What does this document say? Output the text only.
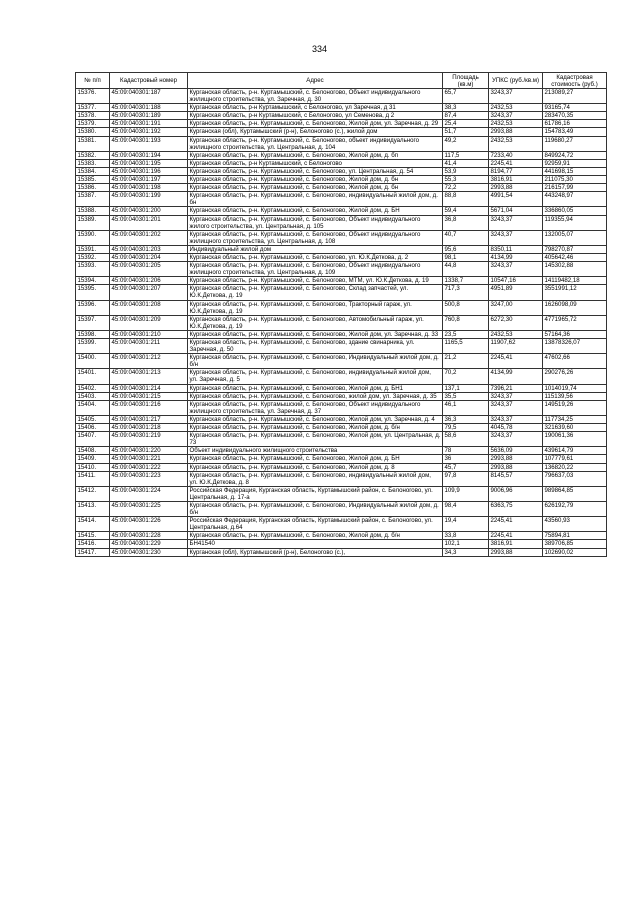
334
№ п/п	Кадастровый номер	Адрес	Площадь (кв.м)	УПКС (руб./кв.м)	Кадастровая стоимость (руб.)
15376.	45:09:040301:187	Курганская область, р-н. Куртамышский, с. Белоногово, Объект индивидуального жилищного строительства, ул. Заречная, д. 30	65,7	3243,37	213089,27
15377.	45:09:040301:188	Курганская область, р-н Куртамышский, с Белоногово, ул Заречная, д 31	38,3	2432,53	93165,74
15378.	45:09:040301:189	Курганская область, р-н Куртамышский, с Белоногово, ул Семенова, д 2	87,4	3243,37	283470,35
15379.	45:09:040301:191	Курганская область, р-н. Куртамышский, с. Белоногово, Жилой дом, ул. Заречная, д. 29	25,4	2432,53	61786,16
15380.	45:09:040301:192	Курганская (обл), Куртамышский (р-н), Белоногово (с.), жилой дом	51,7	2993,88	154783,49
15381.	45:09:040301:193	Курганская область, р-н. Куртамышский, с. Белоногово, объект индивидуального жилищного строительства, ул. Центральная, д. 104	49,2	2432,53	119680,27
15382.	45:09:040301:194	Курганская область, р-н. Куртамышский, с. Белоногово, Жилой дом, д. бп	117,5	7233,40	849924,72
15383.	45:09:040301:195	Курганская область, р-н Куртамышский, с Белоногово	41,4	2245,41	92959,91
15384.	45:09:040301:196	Курганская область, р-н. Куртамышский, с. Белоногово, ул. Центральная, д. 54	53,9	8194,77	441698,15
15385.	45:09:040301:197	Курганская область, р-н. Куртамышский, с. Белоногово, Жилой дом, д. бн	55,3	3816,91	211075,30
15386.	45:09:040301:198	Курганская область, р-н. Куртамышский, с. Белоногово, Жилой дом, д. бн	72,2	2993,88	216157,99
15387.	45:09:040301:199	Курганская область, р-н. Куртамышский, с. Белоногово, индивидуальный жилой дом, д. бн	88,8	4991,54	443248,97
15388.	45:09:040301:200	Курганская область, р-н. Куртамышский, с. Белоногово, Жилой дом, д. БН	59,4	5671,04	336860,05
15389.	45:09:040301:201	Курганская область, р-н. Куртамышский, с. Белоногово, Объект индивидуального жилого строительства, ул. Центральная, д. 105	36,8	3243,37	119355,94
15390.	45:09:040301:202	Курганская область, р-н. Куртамышский, с. Белоногово, Объект индивидуального жилищного строительства, ул. Центральная, д. 108	40,7	3243,37	132005,07
15391.	45:09:040301:203	Индивидуальный жилой дом	95,6	8350,11	798270,87
15392.	45:09:040301:204	Курганская область, р-н. Куртамышский, с. Белоногово, ул. Ю.К.Деткова, д. 2	98,1	4134,99	405642,46
15393.	45:09:040301:205	Курганская область, р-н. Куртамышский, с. Белоногово, Объект индивидуального жилищного строительства, ул. Центральная, д. 109	44,8	3243,37	145302,88
15394.	45:09:040301:206	Курганская область, р-н. Куртамышский, с. Белоногово, МТМ, ул. Ю.К.Деткова, д. 19	1338,7	10547,16	14119482,18
15395.	45:09:040301:207	Курганская область, р-н. Куртамышский, с. Белоногово, Склад запчастей, ул. Ю.К.Деткова, д. 19	717,3	4951,89	3551991,12
15396.	45:09:040301:208	Курганская область, р-н. Куртамышский, с. Белоногово, Тракторный гараж, ул. Ю.К.Деткова, д. 19	500,8	3247,00	1626098,09
15397.	45:09:040301:209	Курганская область, р-н. Куртамышский, с. Белоногово, Автомобильный гараж, ул. Ю.К.Деткова, д. 19	760,8	6272,30	4771965,72
15398.	45:09:040301:210	Курганская область, р-н. Куртамышский, с. Белоногово, Жилой дом, ул. Заречная, д. 33	23,5	2432,53	57164,36
15399.	45:09:040301:211	Курганская область, р-н. Куртамышский, с. Белоногово, здание свинарника, ул. Заречная, д. 50	1165,5	11907,62	13878326,07
15400.	45:09:040301:212	Курганская область, р-н. Куртамышский, с. Белоногово, Индивидуальный жилой дом, д. б/н	21,2	2245,41	47602,66
15401.	45:09:040301:213	Курганская область, р-н. Куртамышский, с. Белоногово, индивидуальный жилой дом, ул. Заречная, д. 5	70,2	4134,99	290276,26
15402.	45:09:040301:214	Курганская область, р-н. Куртамышский, с. Белоногово, Жилой дом, д. БН1	137,1	7396,21	1014019,74
15403.	45:09:040301:215	Курганская область, р-н. Куртамышский, с. Белоногово, жилой дом, ул. Заречная, д. 35	35,5	3243,37	115139,56
15404.	45:09:040301:216	Курганская область, р-н. Куртамышский, с. Белоногово, Объект индивидуального жилищного строительства, ул. Заречная, д. 37	46,1	3243,37	149519,26
15405.	45:09:040301:217	Курганская область, р-н. Куртамышский, с. Белоногово, Жилой дом, ул. Заречная, д. 4	36,3	3243,37	117734,25
15406.	45:09:040301:218	Курганская область, р-н. Куртамышский, с. Белоногово, Жилой дом, д. б/н	79,5	4045,78	321639,60
15407.	45:09:040301:219	Курганская область, р-н. Куртамышский, с. Белоногово, Жилой дом, ул. Центральная, д. 73	58,6	3243,37	190061,36
15408.	45:09:040301:220	Объект индивидуального жилищного строительства	78	5636,09	439614,79
15409.	45:09:040301:221	Курганская область, р-н. Куртамышский, с. Белоногово, Жилой дом, д. БН	36	2993,88	107779,61
15410.	45:09:040301:222	Курганская область, р-н. Куртамышский, с. Белоногово, Жилой дом, д. 8	45,7	2993,88	136820,22
15411.	45:09:040301:223	Курганская область, р-н. Куртамышский, с. Белоногово, индивидуальный жилой дом, ул. Ю.К.Деткова, д. 8	97,8	8145,57	796637,03
15412.	45:09:040301:224	Российская Федерация, Курганская область, Куртамышский район, с. Белоногово, ул. Центральная, д. 17-а	109,9	9006,96	989864,85
15413.	45:09:040301:225	Курганская область, р-н. Куртамышский, с. Белоногово, Индивидуальный жилой дом, д. б/н	98,4	6363,75	626192,79
15414.	45:09:040301:226	Российская Федерация, Курганская область, Куртамышский район, с. Белоногово, ул. Центральная, д.64	19,4	2245,41	43560,93
15415.	45:09:040301:228	Курганская область, р-н. Куртамышский, с. Белоногово, Жилой дом, д. б/н	33,8	2245,41	75894,81
15416.	45:09:040301:229	БН41540	102,1	3816,91	389706,85
15417.	45:09:040301:230	Курганская (обл), Куртамышский (р-н), Белоногово (с.),	34,3	2993,88	102690,02
